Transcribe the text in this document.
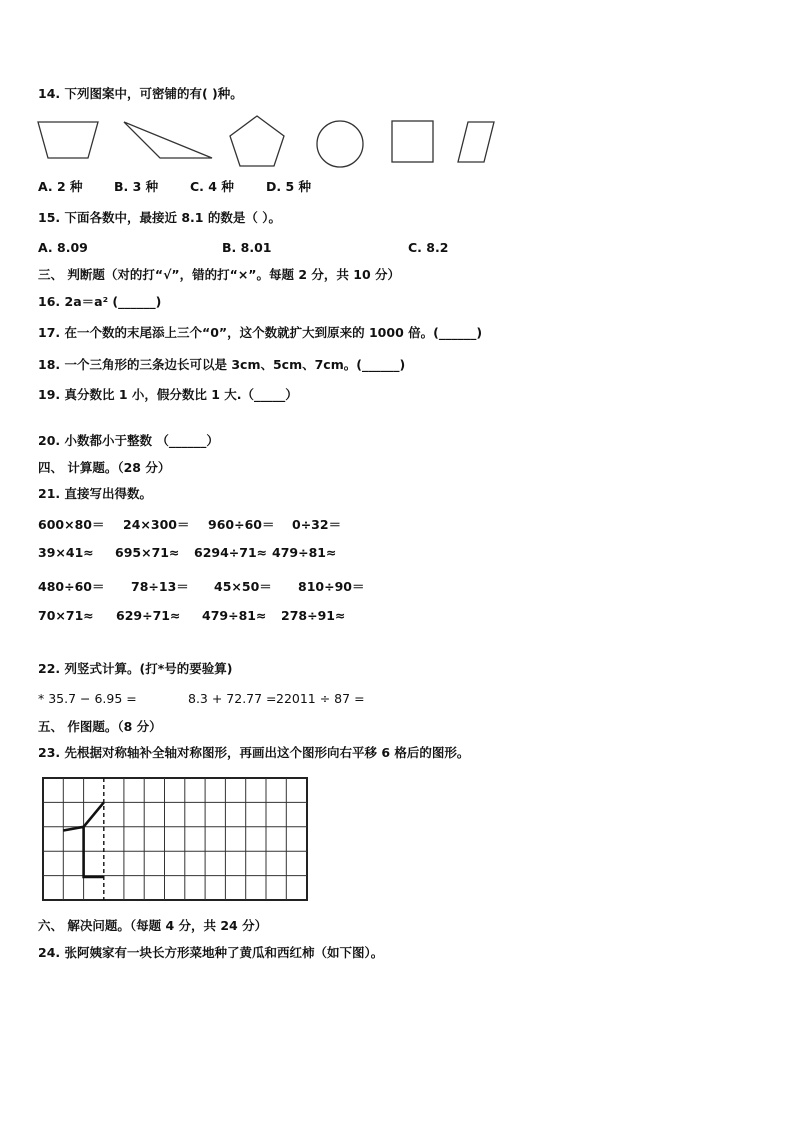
14. 下列图案中，可密铺的有( )种。
A. 2 种	B. 3 种	C. 4 种	D. 5 种
15. 下面各数中，最接近 8.1 的数是（ ）。
A. 8.09	B. 8.01	C. 8.2
三、 判断题（对的打“√”，错的打“×”。每题 2 分，共 10 分）
16. 2a＝a² (______)
17. 在一个数的末尾添上三个“0”，这个数就扩大到原来的 1000 倍。(______)
18. 一个三角形的三条边长可以是 3cm、5cm、7cm。(______)
19. 真分数比 1 小，假分数比 1 大.（_____）
20. 小数都小于整数 （______）
四、 计算题。（28 分）
21. 直接写出得数。
600×80＝ 24×300＝ 960÷60＝ 0÷32＝
39×41≈ 695×71≈ 6294÷71≈ 479÷81≈
480÷60＝ 78÷13＝ 45×50＝ 810÷90＝
70×71≈ 629÷71≈ 479÷81≈ 278÷91≈
22. 列竖式计算。(打*号的要验算)
* 35.7 − 6.95 =	8.3 + 72.77 = 22011 ÷ 87 =
五、 作图题。（8 分）
23. 先根据对称轴补全轴对称图形，再画出这个图形向右平移 6 格后的图形。
六、 解决问题。（每题 4 分，共 24 分）
24. 张阿姨家有一块长方形菜地种了黄瓜和西红柿（如下图）。
